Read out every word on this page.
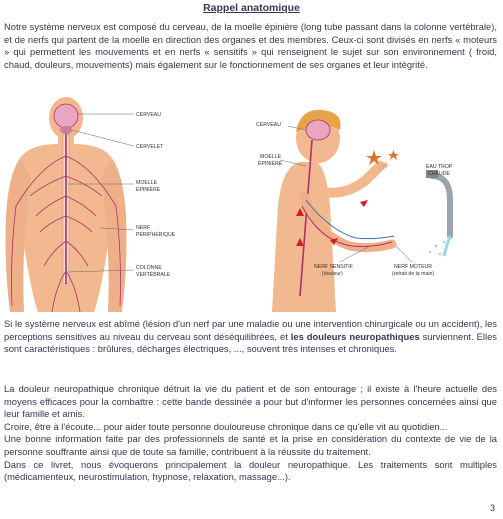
Rappel anatomique

Notre système nerveux est composé du cerveau, de la moelle épinière (long tube passant dans la colonne vertébrale), et de nerfs qui partent de la moelle en direction des organes et des membres. Ceux-ci sont divisés en nerfs « moteurs » qui permettent les mouvements et en nerfs « sensitifs » qui renseignent le sujet sur son environnement ( froid, chaud, douleurs, mouvements) mais également sur le fonctionnement de ses organes et leur intégrité.

CERVEAU
CERVELET
MOELLE
ÉPINIÈRE
NERF
PÉRIPHÉRIQUE
COLONNE
VERTÉBRALE
CERVEAU
MOELLE
ÉPINIÈRE	EAU TROP
CHAUDE
NERF SENSITIF
(douleur)
NERF MOTEUR
(retrait de la main)

Si le système nerveux est abîmé (lésion d'un nerf par une maladie ou une intervention chirurgicale ou un accident), les perceptions sensitives au niveau du cerveau sont déséquilibrées, et les douleurs neuropathiques surviennent. Elles sont caractéristiques : brûlures, décharges électriques, ..., souvent très intenses et chroniques.

La douleur neuropathique chronique détruit la vie du patient et de son entourage ; il existe à l'heure actuelle des moyens efficaces pour la combattre : cette bande dessinée a pour but d'informer les personnes concernées ainsi que leur famille et amis.
Croire, être à l'écoute... pour aider toute personne douloureuse chronique dans ce qu'elle vit au quotidien...
Une bonne information faite par des professionnels de santé et la prise en considération du contexte de vie de la personne souffrante ainsi que de toute sa famille, contribuent à la réussite du traitement.
Dans ce livret, nous évoquerons principalement la douleur neuropathique. Les traitements sont multiples (médicamenteux, neurostimulation, hypnose, relaxation, massage...).
3
